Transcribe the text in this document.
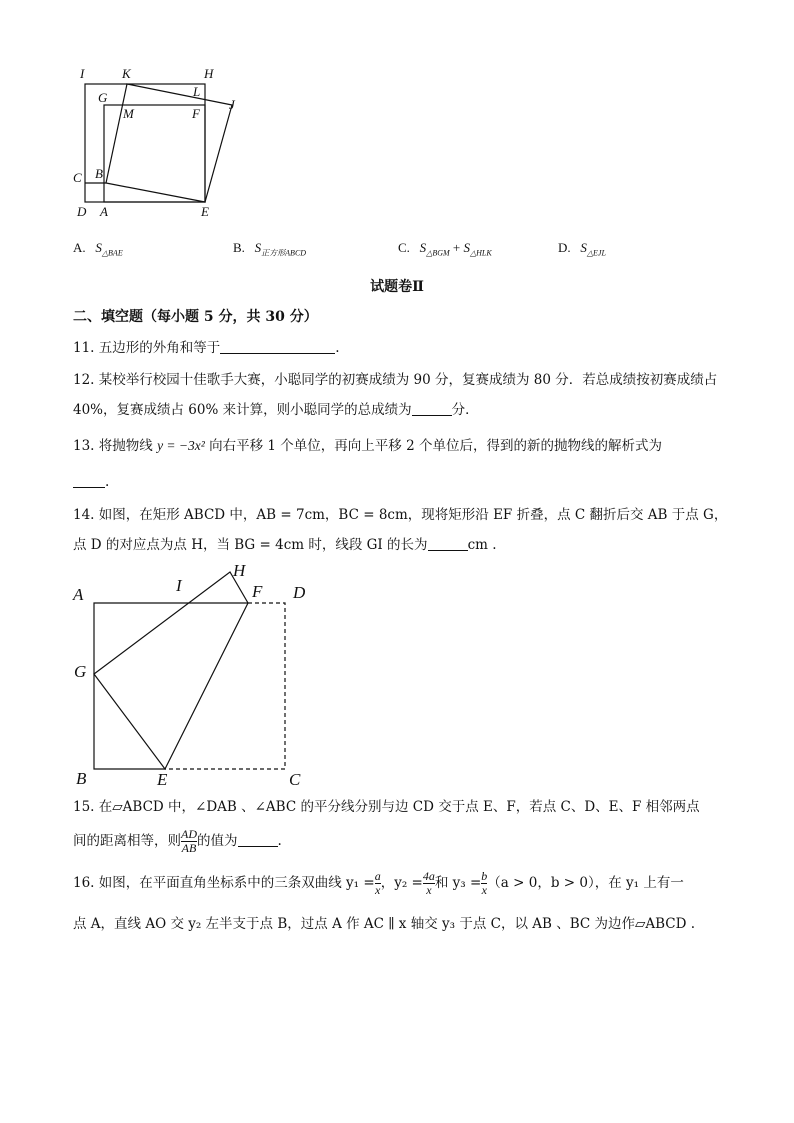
I	K	H
G	L
J
M	F
C B
D A	E
A. $S_{\triangle BAE}$	B. $S_{正方形ABCD}$	C. $S_{\triangle BGM} + S_{\triangle HLK}$	D. $S_{\triangle EJL}$
试题卷Ⅱ
二、填空题（每小题 5 分，共 30 分）
11. 五边形的外角和等于	.
12. 某校举行校园十佳歌手大赛，小聪同学的初赛成绩为 90 分，复赛成绩为 80 分．若总成绩按初赛成绩占
40%，复赛成绩占 60% 来计算，则小聪同学的总成绩为	分．
13. 将抛物线 y = −3x² 向右平移 1 个单位，再向上平移 2 个单位后，得到的新的抛物线的解析式为
.
14. 如图，在矩形 ABCD 中，AB = 7cm，BC = 8cm，现将矩形沿 EF 折叠，点 C 翻折后交 AB 于点 G，
点 D 的对应点为点 H，当 BG = 4cm 时，线段 GI 的长为	cm .
A	I
H
F D
G
B	E	C
15. 在▱ABCD 中，∠DAB 、∠ABC 的平分线分别与边 CD 交于点 E、F，若点 C、D、E、F 相邻两点
间的距离相等，则 $\frac{AD}{AB}$ 的值为	.
16. 如图，在平面直角坐标系中的三条双曲线 $y_1 = \frac{a}{x}$ ，$y_2 = \frac{4a}{x}$ 和 $y_3 = \frac{b}{x} (a > 0$，b > 0），在 y₁ 上有一
点 A，直线 AO 交 y₂ 左半支于点 B，过点 A 作 AC ∥ x 轴交 y₃ 于点 C，以 AB 、BC 为边作▱ABCD .
